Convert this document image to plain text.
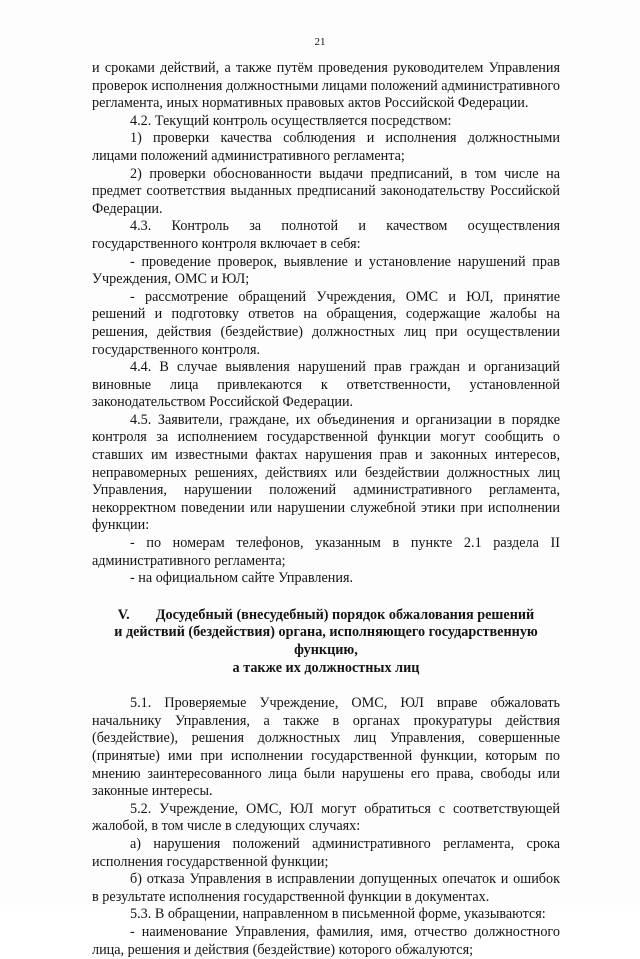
21

и сроками действий, а также путём проведения руководителем Управления проверок исполнения должностными лицами положений административного регламента, иных нормативных правовых актов Российской Федерации.

4.2. Текущий контроль осуществляется посредством:

1) проверки качества соблюдения и исполнения должностными лицами положений административного регламента;

2) проверки обоснованности выдачи предписаний, в том числе на предмет соответствия выданных предписаний законодательству Российской Федерации.

4.3. Контроль за полнотой и качеством осуществления государственного контроля включает в себя:

- проведение проверок, выявление и установление нарушений прав Учреждения, ОМС и ЮЛ;

- рассмотрение обращений Учреждения, ОМС и ЮЛ, принятие решений и подготовку ответов на обращения, содержащие жалобы на решения, действия (бездействие) должностных лиц при осуществлении государственного контроля.

4.4. В случае выявления нарушений прав граждан и организаций виновные лица привлекаются к ответственности, установленной законодательством Российской Федерации.

4.5. Заявители, граждане, их объединения и организации в порядке контроля за исполнением государственной функции могут сообщить о ставших им известными фактах нарушения прав и законных интересов, неправомерных решениях, действиях или бездействии должностных лиц Управления, нарушении положений административного регламента, некорректном поведении или нарушении служебной этики при исполнении функции:

- по номерам телефонов, указанным в пункте 2.1 раздела II административного регламента;

- на официальном сайте Управления.

V. Досудебный (внесудебный) порядок обжалования решений
и действий (бездействия) органа, исполняющего государственную функцию,
а также их должностных лиц

5.1. Проверяемые Учреждение, ОМС, ЮЛ вправе обжаловать начальнику Управления, а также в органах прокуратуры действия (бездействие), решения должностных лиц Управления, совершенные (принятые) ими при исполнении государственной функции, которым по мнению заинтересованного лица были нарушены его права, свободы или законные интересы.

5.2. Учреждение, ОМС, ЮЛ могут обратиться с соответствующей жалобой, в том числе в следующих случаях:

а) нарушения положений административного регламента, срока исполнения государственной функции;

б) отказа Управления в исправлении допущенных опечаток и ошибок в результате исполнения государственной функции в документах.

5.3. В обращении, направленном в письменной форме, указываются:

- наименование Управления, фамилия, имя, отчество должностного лица, решения и действия (бездействие) которого обжалуются;
